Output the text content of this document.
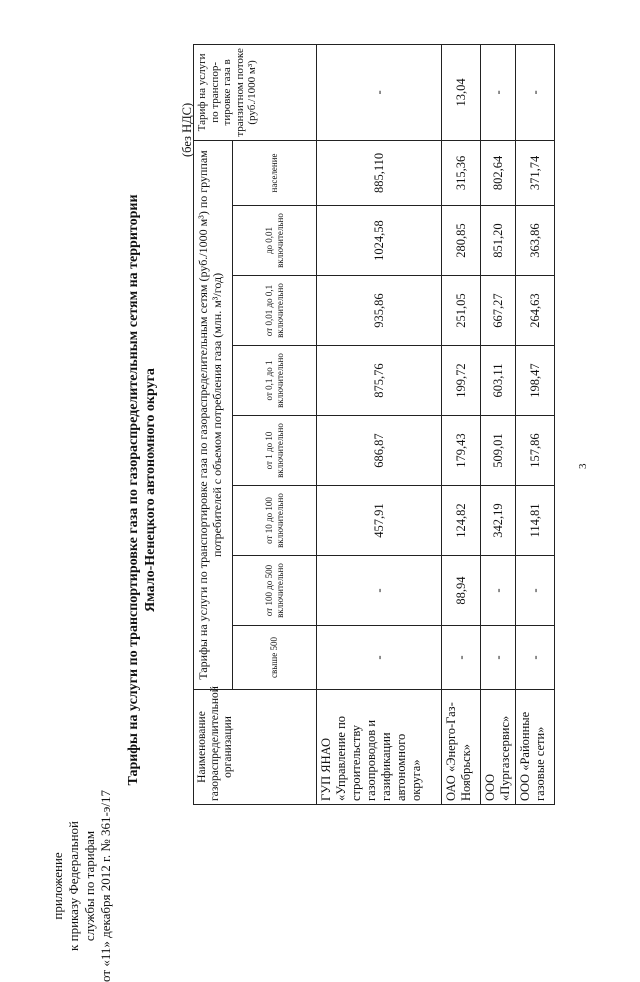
приложение к приказу Федеральной службы по тарифам от «11» декабря 2012 г. № 361-э/17
Тарифы на услуги по транспортировке газа по газораспределительным сетям на территории Ямало-Ненецкого автономного округа
(без НДС)
Наименование газораспределительной организации	Тарифы на услуги по транспортировке газа по газораспределительным сетям (руб./1000 м³) по группам потребителей с объемом потребления газа (млн. м³/год)								Тариф на услуги по транспор-тировке газа в транзитном потоке (руб./1000 м³)
	свыше 500	от 100 до 500 включительно	от 10 до 100 включительно	от 1 до 10 включительно	от 0,1 до 1 включительно	от 0,01 до 0,1 включительно	до 0,01 включительно	население	
ГУП ЯНАО «Управление по строительству газопроводов и газификации автономного округа»	-	-	457,91	686,87	875,76	935,86	1024,58	885,110	-
ОАО «Энерго-Газ-Ноябрьск»	-	88,94	124,82	179,43	199,72	251,05	280,85	315,36	13,04
ООО «Пургазсервис»	-	-	342,19	509,01	603,11	667,27	851,20	802,64	-
ООО «Районные газовые сети»	-	-	114,81	157,86	198,47	264,63	363,86	371,74	-
3
